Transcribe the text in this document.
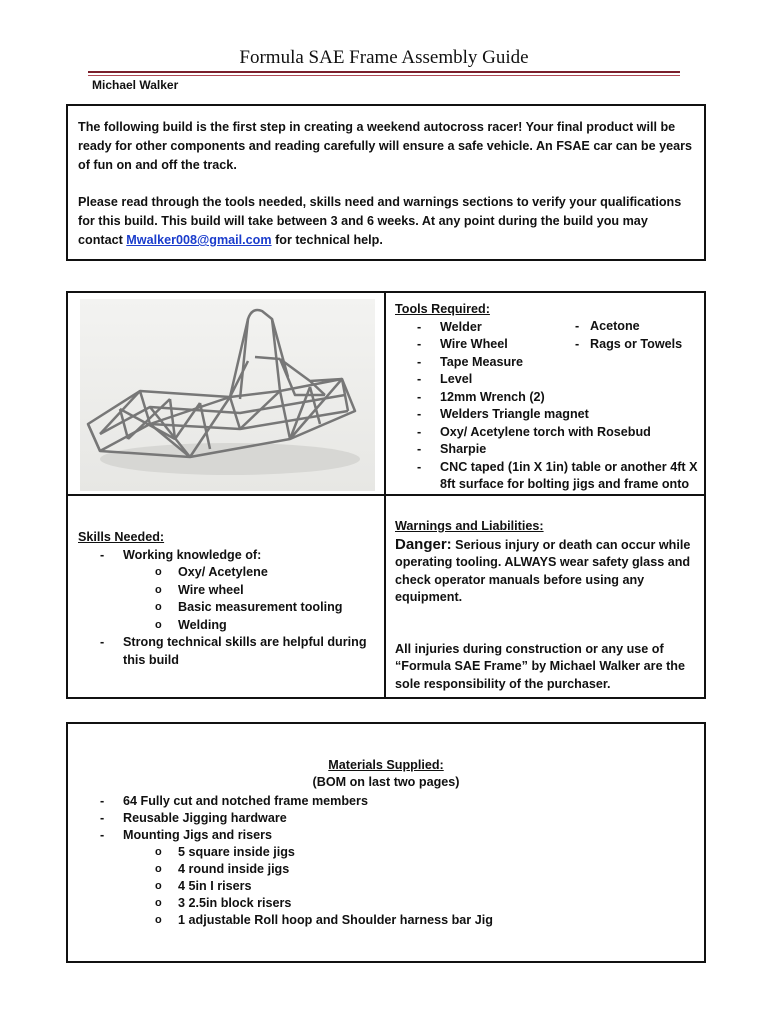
Formula SAE Frame Assembly Guide
Michael Walker

The following build is the first step in creating a weekend autocross racer! Your final product will be ready for other components and reading carefully will ensure a safe vehicle. An FSAE car can be years of fun on and off the track.

Please read through the tools needed, skills need and warnings sections to verify your qualifications for this build. This build will take between 3 and 6 weeks. At any point during the build you may contact Mwalker008@gmail.com for technical help.

Tools Required:
- Welder
- Wire Wheel
- Tape Measure
- Level
- 12mm Wrench (2)
- Welders Triangle magnet
- Oxy/ Acetylene torch with Rosebud
- Sharpie
- CNC taped (1in X 1in) table or another 4ft X 8ft surface for bolting jigs and frame onto
- Acetone
- Rags or Towels
Skills Needed:
- Working knowledge of:
o Oxy/ Acetylene
o Wire wheel
o Basic measurement tooling
o Welding
- Strong technical skills are helpful during this build
Warnings and Liabilities:

Danger: Serious injury or death can occur while operating tooling. ALWAYS wear safety glass and check operator manuals before using any equipment.

All injuries during construction or any use of “Formula SAE Frame” by Michael Walker are the sole responsibility of the purchaser.

Materials Supplied:
(BOM on last two pages)
- 64 Fully cut and notched frame members
- Reusable Jigging hardware
- Mounting Jigs and risers
o 5 square inside jigs
o 4 round inside jigs
o 4 5in I risers
o 3 2.5in block risers
o 1 adjustable Roll hoop and Shoulder harness bar Jig
